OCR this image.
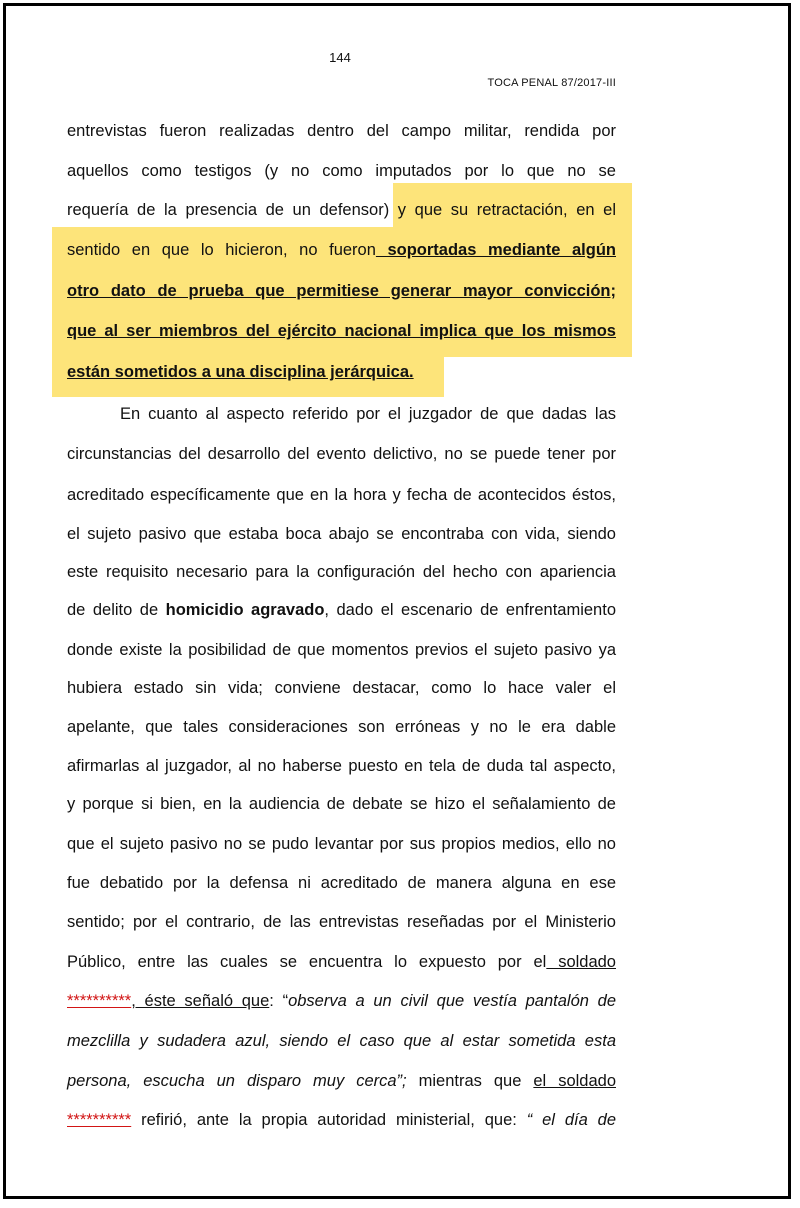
144
TOCA PENAL 87/2017-III
entrevistas fueron realizadas dentro del campo militar, rendida por
aquellos como testigos (y no como imputados por lo que no se
requería de la presencia de un defensor) y que su retractación, en el
sentido en que lo hicieron, no fueron soportadas mediante algún
otro dato de prueba que permitiese generar mayor convicción;
que al ser miembros del ejército nacional implica que los mismos
están sometidos a una disciplina jerárquica.
En cuanto al aspecto referido por el juzgador de que dadas las
circunstancias del desarrollo del evento delictivo, no se puede tener por
acreditado específicamente que en la hora y fecha de acontecidos éstos,
el sujeto pasivo que estaba boca abajo se encontraba con vida, siendo
este requisito necesario para la configuración del hecho con apariencia
de delito de homicidio agravado, dado el escenario de enfrentamiento
donde existe la posibilidad de que momentos previos el sujeto pasivo ya
hubiera estado sin vida; conviene destacar, como lo hace valer el
apelante, que tales consideraciones son erróneas y no le era dable
afirmarlas al juzgador, al no haberse puesto en tela de duda tal aspecto,
y porque si bien, en la audiencia de debate se hizo el señalamiento de
que el sujeto pasivo no se pudo levantar por sus propios medios, ello no
fue debatido por la defensa ni acreditado de manera alguna en ese
sentido; por el contrario, de las entrevistas reseñadas por el Ministerio
Público, entre las cuales se encuentra lo expuesto por el soldado
**********, éste señaló que: “observa a un civil que vestía pantalón de
mezclilla y sudadera azul, siendo el caso que al estar sometida esta
persona, escucha un disparo muy cerca”; mientras que el soldado
********** refirió, ante la propia autoridad ministerial, que: “ el día de
